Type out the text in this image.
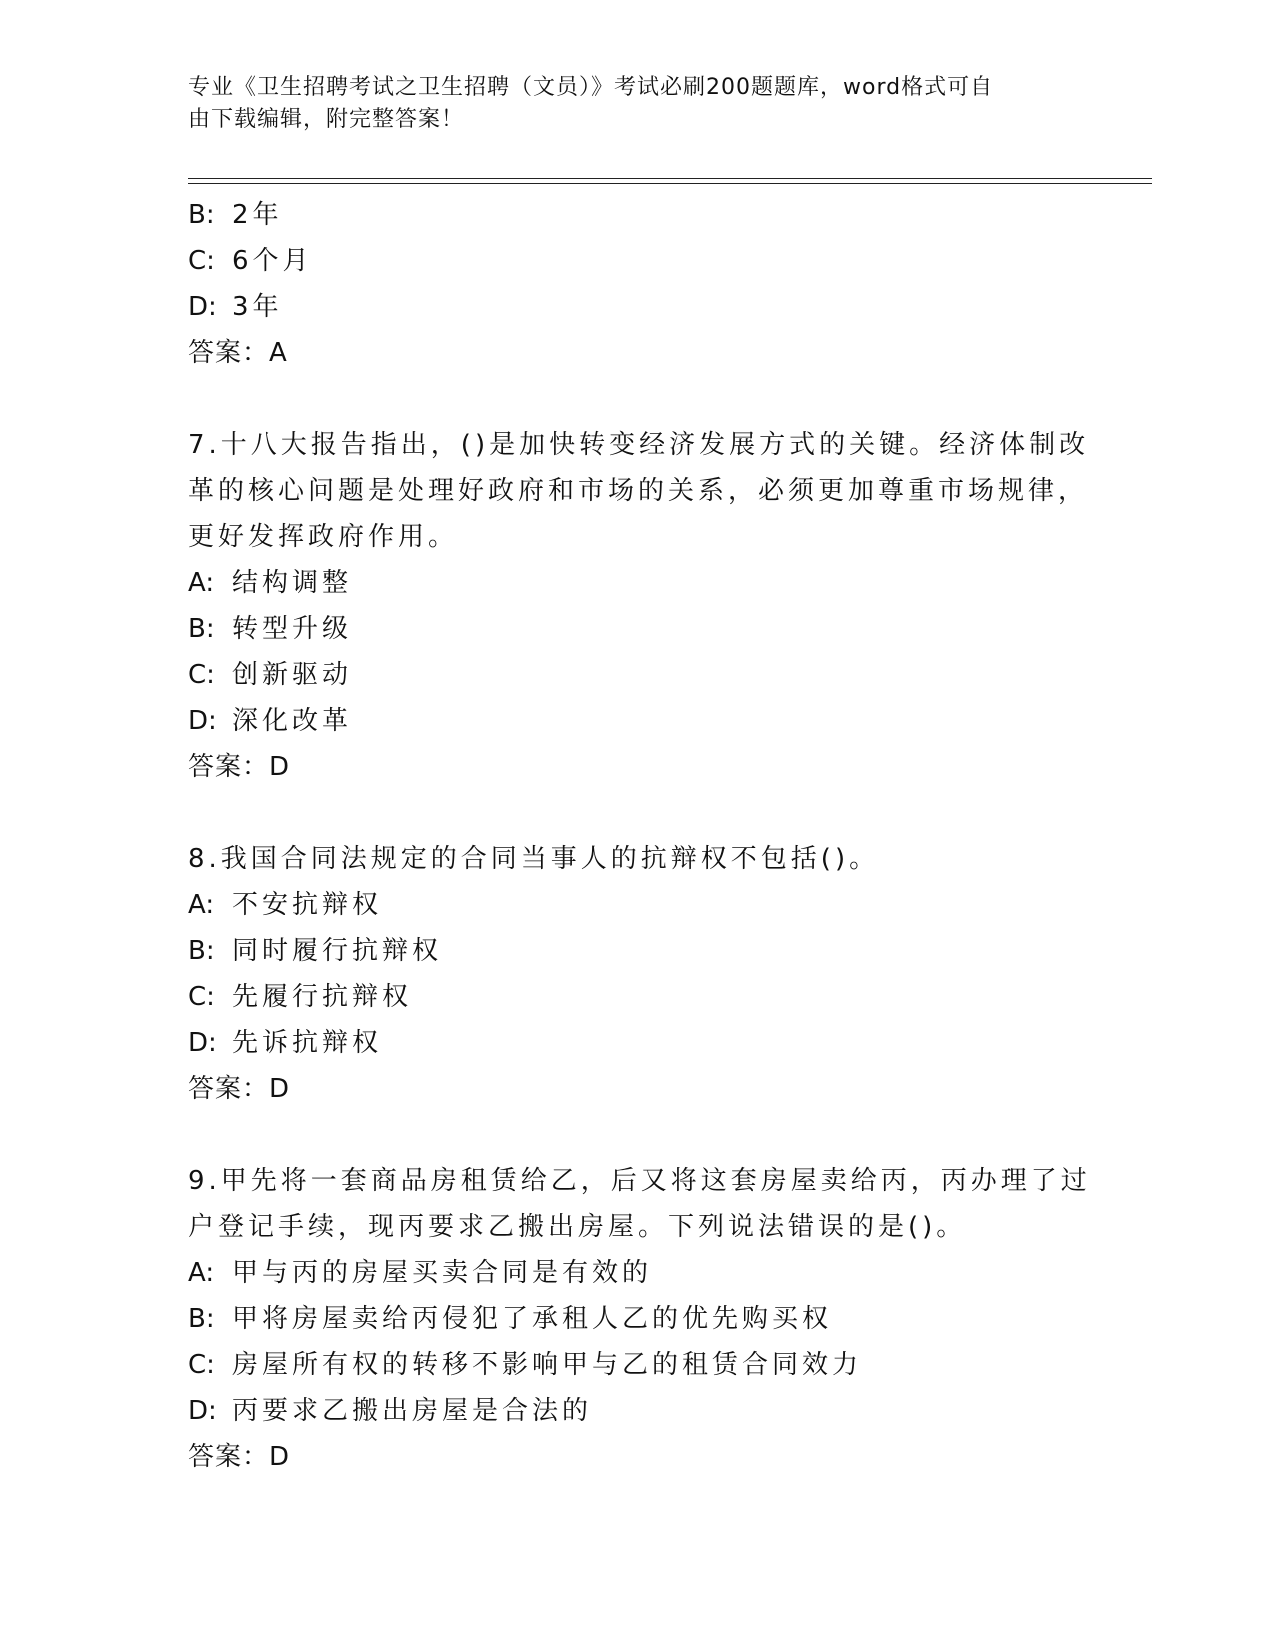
专业《卫生招聘考试之卫生招聘（文员）》考试必刷200题题库，word格式可自
由下载编辑，附完整答案！
B: 2年
C: 6个月
D: 3年
答案：A
7.十八大报告指出，()是加快转变经济发展方式的关键。经济体制改
革的核心问题是处理好政府和市场的关系，必须更加尊重市场规律，
更好发挥政府作用。
A: 结构调整
B: 转型升级
C: 创新驱动
D: 深化改革
答案：D
8.我国合同法规定的合同当事人的抗辩权不包括()。
A: 不安抗辩权
B: 同时履行抗辩权
C: 先履行抗辩权
D: 先诉抗辩权
答案：D
9.甲先将一套商品房租赁给乙，后又将这套房屋卖给丙，丙办理了过
户登记手续，现丙要求乙搬出房屋。下列说法错误的是()。
A: 甲与丙的房屋买卖合同是有效的
B: 甲将房屋卖给丙侵犯了承租人乙的优先购买权
C: 房屋所有权的转移不影响甲与乙的租赁合同效力
D: 丙要求乙搬出房屋是合法的
答案：D
